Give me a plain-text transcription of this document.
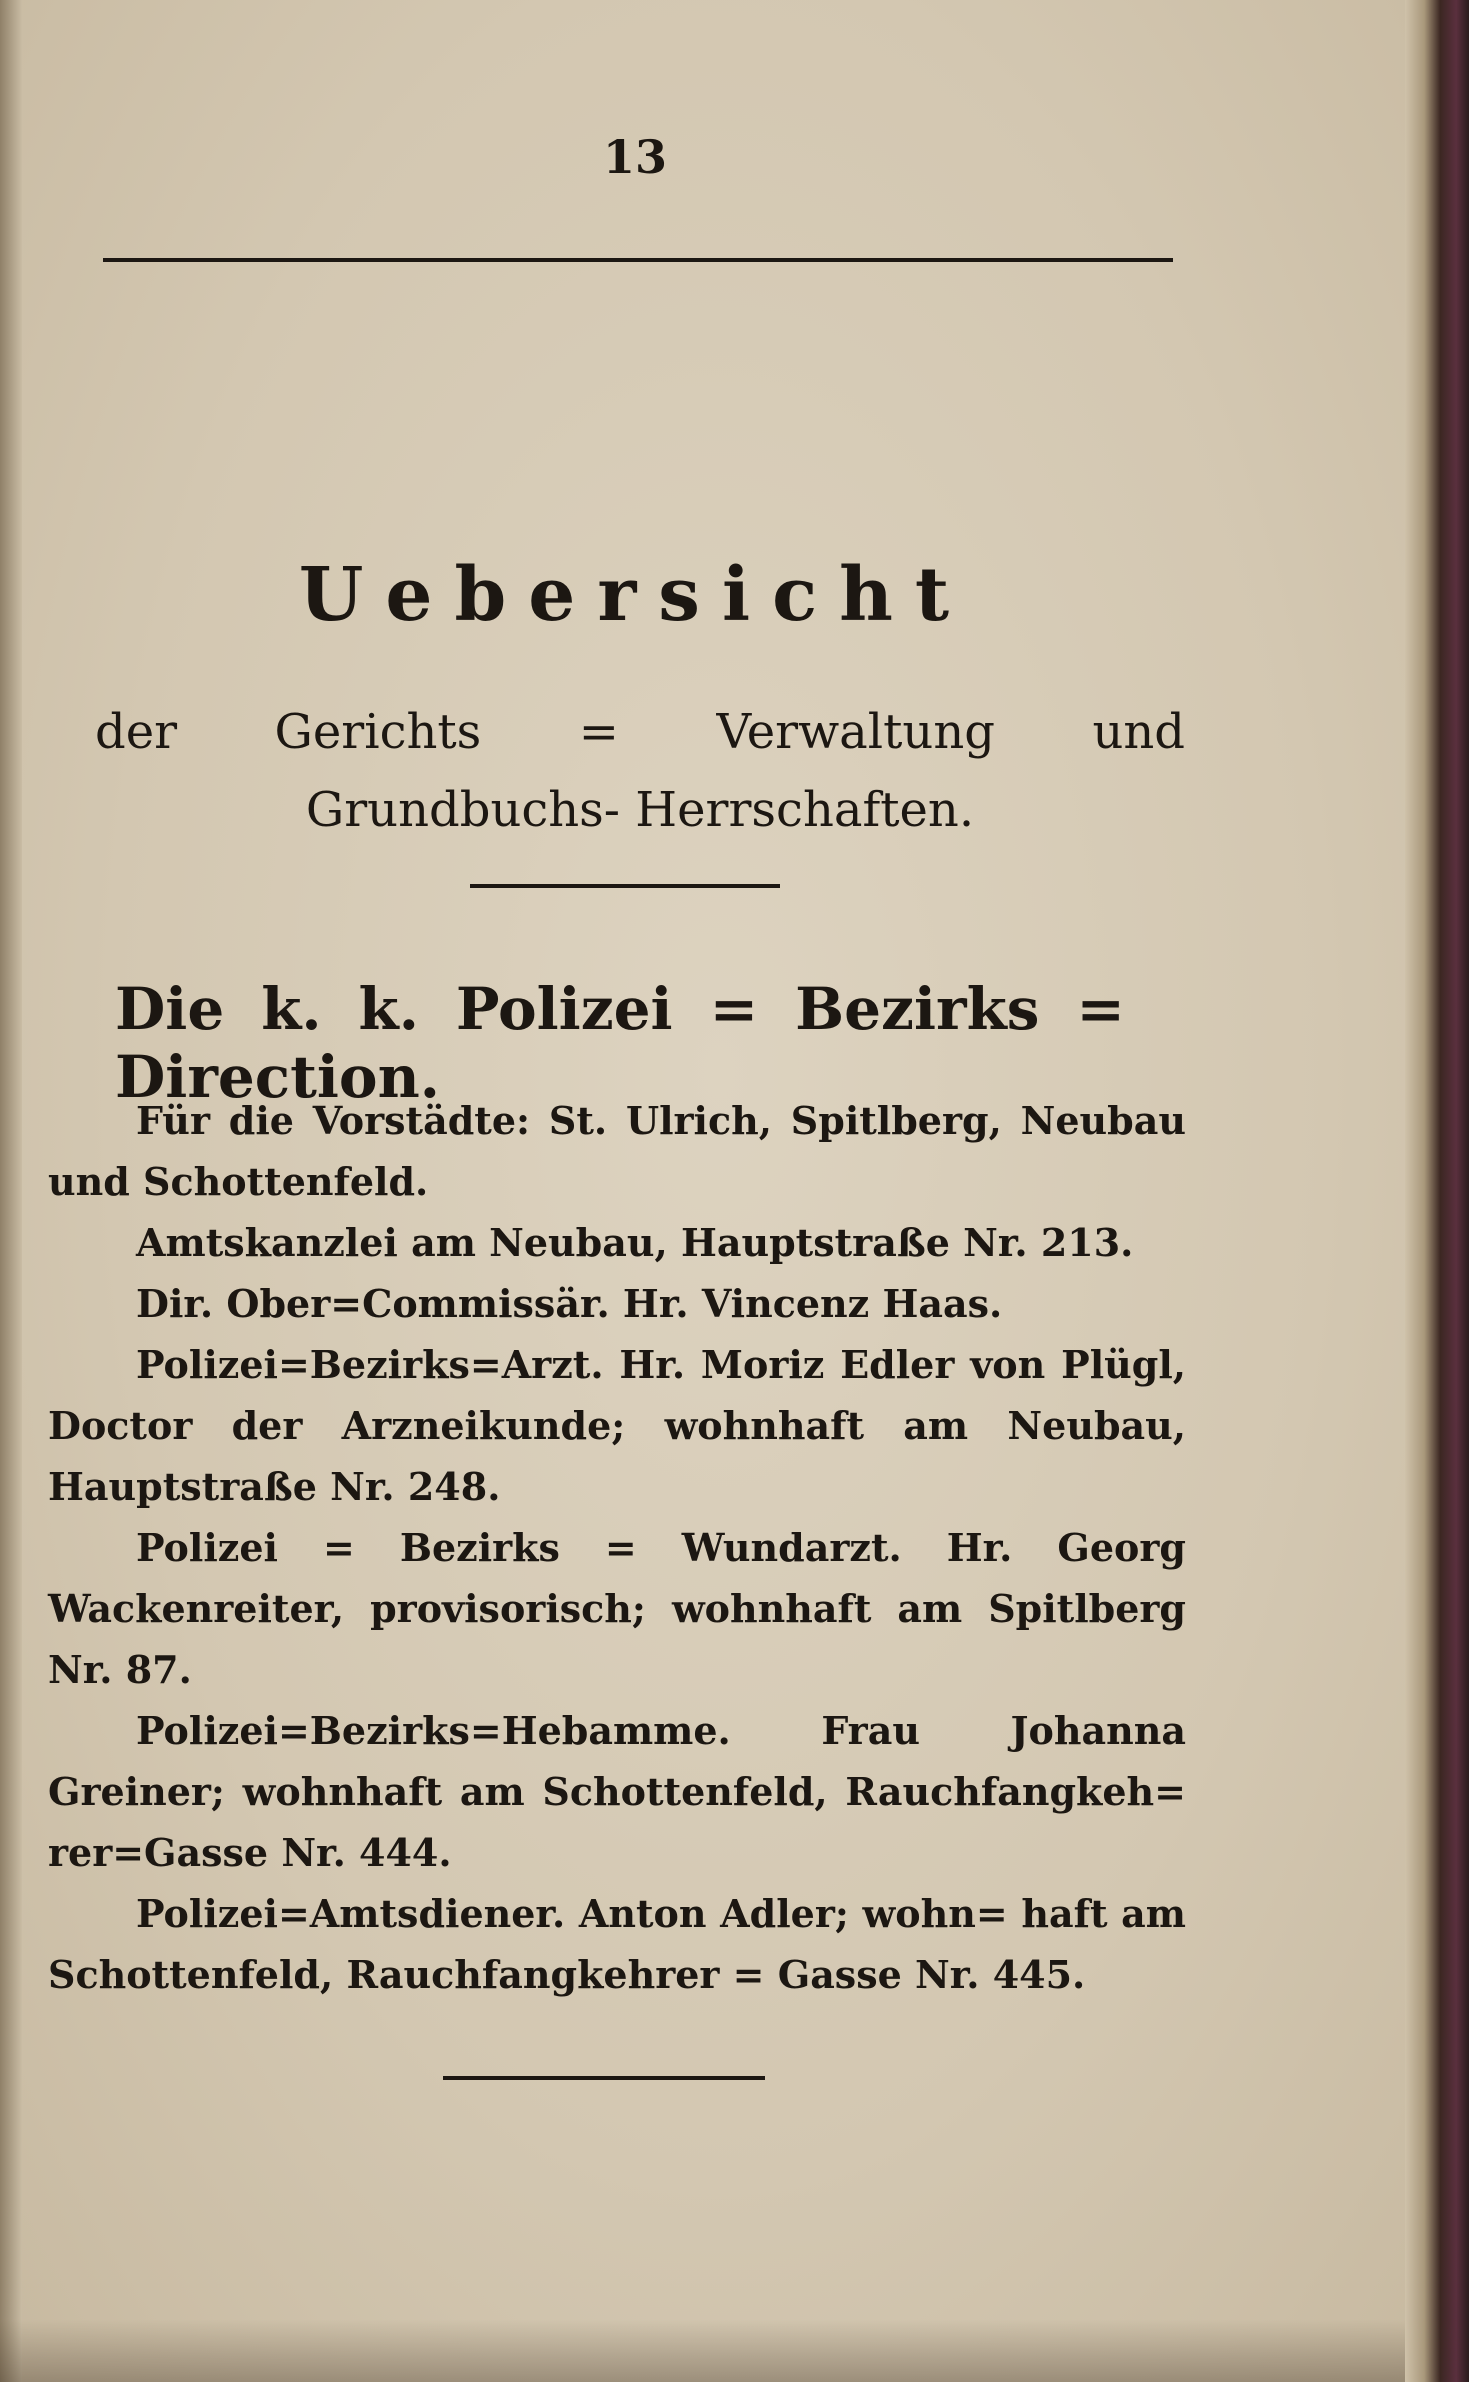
13
Uebersicht
der Gerichts = Verwaltung und Grundbuchs- Herrschaften.
Die k. k. Polizei = Bezirks = Direction.

Für die Vorstädte: St. Ulrich, Spitlberg, Neubau und Schottenfeld.

Amtskanzlei am Neubau, Hauptstraße Nr. 213.

Dir. Ober=Commissär. Hr. Vincenz Haas.

Polizei=Bezirks=Arzt. Hr. Moriz Edler von Plügl, Doctor der Arzneikunde; wohnhaft am Neubau, Hauptstraße Nr. 248.

Polizei = Bezirks = Wundarzt. Hr. Georg Wackenreiter, provisorisch; wohnhaft am Spitlberg Nr. 87.

Polizei=Bezirks=Hebamme. Frau Johanna Greiner; wohnhaft am Schottenfeld, Rauchfangkeh= rer=Gasse Nr. 444.

Polizei=Amtsdiener. Anton Adler; wohn= haft am Schottenfeld, Rauchfangkehrer = Gasse Nr. 445.
